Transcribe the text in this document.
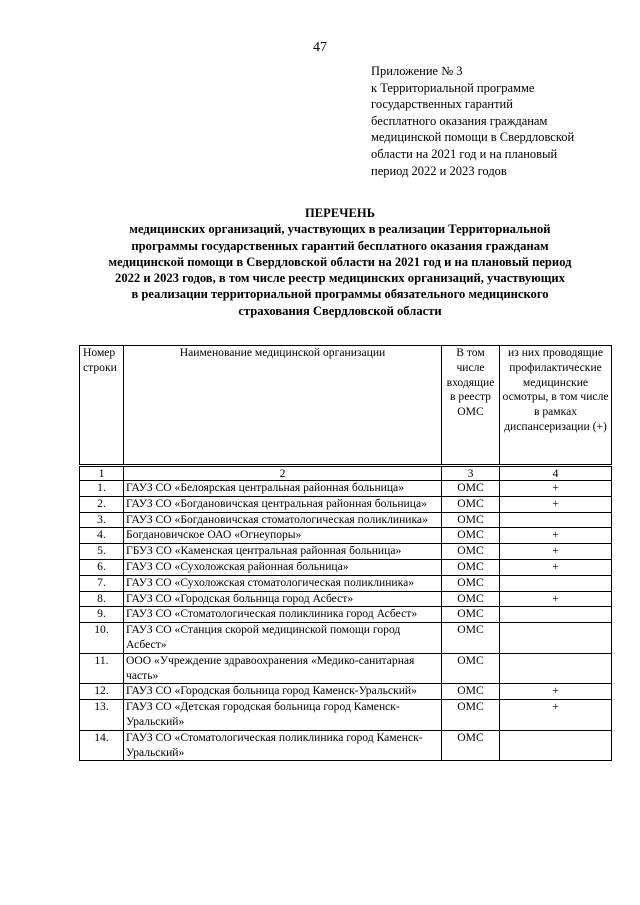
47
Приложение № 3
к Территориальной программе
государственных гарантий
бесплатного оказания гражданам
медицинской помощи в Свердловской
области на 2021 год и на плановый
период 2022 и 2023 годов
ПЕРЕЧЕНЬ
медицинских организаций, участвующих в реализации Территориальной
программы государственных гарантий бесплатного оказания гражданам
медицинской помощи в Свердловской области на 2021 год и на плановый период
2022 и 2023 годов, в том числе реестр медицинских организаций, участвующих
в реализации территориальной программы обязательного медицинского
страхования Свердловской области
Номер строки	Наименование медицинской организации	В том числе входящие в реестр ОМС	из них проводящие профилактические медицинские осмотры, в том числе в рамках диспансеризации (+)
1	2	3	4
1.	ГАУЗ СО «Белоярская центральная районная больница»	ОМС	+
2.	ГАУЗ СО «Богдановичская центральная районная больница»	ОМС	+
3.	ГАУЗ СО «Богдановичская стоматологическая поликлиника»	ОМС	
4.	Богдановичское ОАО «Огнеупоры»	ОМС	+
5.	ГБУЗ СО «Каменская центральная районная больница»	ОМС	+
6.	ГАУЗ СО «Сухоложская районная больница»	ОМС	+
7.	ГАУЗ СО «Сухоложская стоматологическая поликлиника»	ОМС	
8.	ГАУЗ СО «Городская больница город Асбест»	ОМС	+
9.	ГАУЗ СО «Стоматологическая поликлиника город Асбест»	ОМС	
10.	ГАУЗ СО «Станция скорой медицинской помощи город Асбест»	ОМС	
11.	ООО «Учреждение здравоохранения «Медико-санитарная часть»	ОМС	
12.	ГАУЗ СО «Городская больница город Каменск-Уральский»	ОМС	+
13.	ГАУЗ СО «Детская городская больница город Каменск-Уральский»	ОМС	+
14.	ГАУЗ СО «Стоматологическая поликлиника город Каменск-Уральский»	ОМС	
